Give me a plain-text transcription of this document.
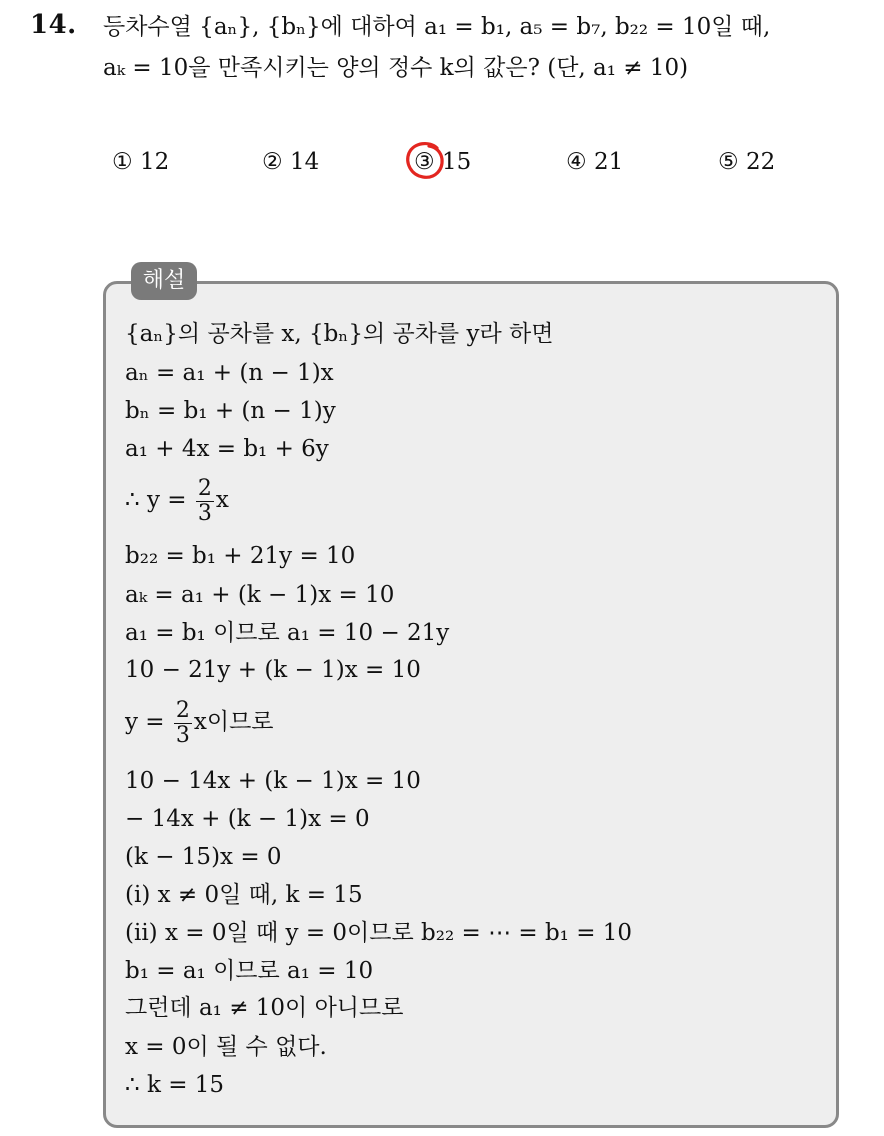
14. 등차수열 {aₙ}, {bₙ}에 대하여 a₁ = b₁, a₅ = b₇, b₂₂ = 10일 때,
aₖ = 10을 만족시키는 양의 정수 k의 값은? (단, a₁ ≠ 10)
① 12	② 14	③ 15	④ 21	⑤ 22
해설
{aₙ}의 공차를 x, {bₙ}의 공차를 y라 하면
aₙ = a₁ + (n − 1)x
bₙ = b₁ + (n − 1)y
a₁ + 4x = b₁ + 6y
∴ $y = \frac{2}{3}$ x
b₂₂ = b₁ + 21y = 10
aₖ = a₁ + (k − 1)x = 10
a₁ = b₁ 이므로 a₁ = 10 − 21y
10 − 21y + (k − 1)x = 10
$y = \frac{2}{3}$ x이므로
10 − 14x + (k − 1)x = 10
− 14x + (k − 1)x = 0
(k − 15)x = 0
(i) x ≠ 0일 때, k = 15
(ii) x = 0일 때 y = 0이므로 b₂₂ = ⋯ = b₁ = 10
b₁ = a₁ 이므로 a₁ = 10
그런데 a₁ ≠ 10이 아니므로
x = 0이 될 수 없다.
∴ k = 15
